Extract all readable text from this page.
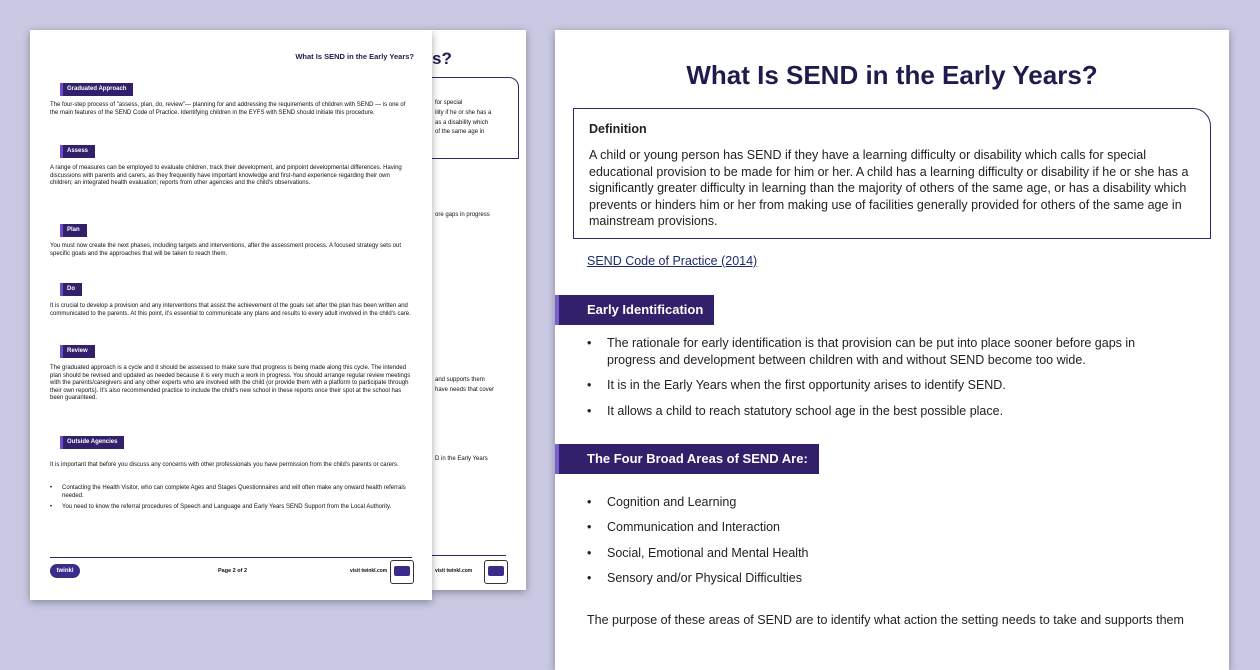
s?
for special
ility if he or she has a
as a disability which
of the same age in
ore gaps in progress
and supports them
have needs that cover
D in the Early Years
visit twinkl.com
What Is SEND in the Early Years?
Graduated Approach

The four-step process of "assess, plan, do, review"— planning for and addressing the requirements of children with SEND — is one of the main features of the SEND Code of Practice. Identifying children in the EYFS with SEND should initiate this procedure.

Assess

A range of measures can be employed to evaluate children, track their development, and pinpoint developmental differences. Having discussions with parents and carers, as they frequently have important knowledge and first-hand experience regarding their own children; an integrated health evaluation; reports from other agencies and the child's observations.

Plan

You must now create the next phases, including targets and interventions, after the assessment process. A focused strategy sets out specific goals and the approaches that will be taken to reach them.

Do

It is crucial to develop a provision and any interventions that assist the achievement of the goals set after the plan has been written and communicated to the parents. At this point, it's essential to communicate any plans and results to every adult involved in the child's care.

Review

The graduated approach is a cycle and it should be assessed to make sure that progress is being made along this cycle. The intended plan should be revised and updated as needed because it is very much a work in progress. You should arrange regular review meetings with the parents/caregivers and any other experts who are involved with the child (or provide them with a platform to participate through their own reports). It's also recommended practice to include the child's new school in these reports once their spot at the school has been guaranteed.

Outside Agencies

It is important that before you discuss any concerns with other professionals you have permission from the child's parents or carers.

• Contacting the Health Visitor, who can complete Ages and Stages Questionnaires and will often make any onward health referrals needed.
• You need to know the referral procedures of Speech and Language and Early Years SEND Support from the Local Authority.
twinkl	Page 2 of 2	visit twinkl.com
What Is SEND in the Early Years?
Definition
A child or young person has SEND if they have a learning difficulty or disability which calls for special educational provision to be made for him or her. A child has a learning difficulty or disability if he or she has a significantly greater difficulty in learning than the majority of others of the same age, or has a disability which prevents or hinders him or her from making use of facilities generally provided for others of the same age in mainstream provisions.
SEND Code of Practice (2014)
Early Identification
• The rationale for early identification is that provision can be put into place sooner before gaps in progress and development between children with and without SEND become too wide.
• It is in the Early Years when the first opportunity arises to identify SEND.
• It allows a child to reach statutory school age in the best possible place.
The Four Broad Areas of SEND Are:
• Cognition and Learning
• Communication and Interaction
• Social, Emotional and Mental Health
• Sensory and/or Physical Difficulties
The purpose of these areas of SEND are to identify what action the setting needs to take and supports them
